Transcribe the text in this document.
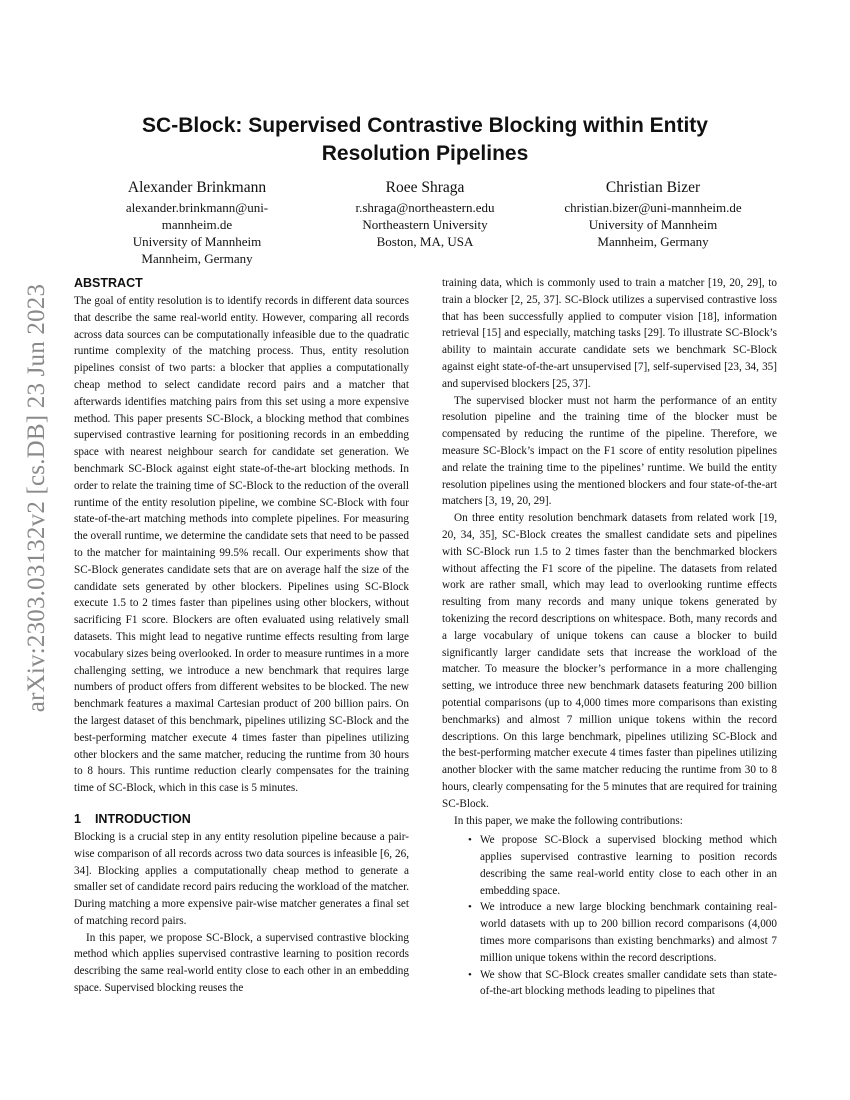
arXiv:2303.03132v2 [cs.DB] 23 Jun 2023
SC-Block: Supervised Contrastive Blocking within Entity Resolution Pipelines
Alexander Brinkmann
alexander.brinkmann@uni-mannheim.de
University of Mannheim
Mannheim, Germany
Roee Shraga
r.shraga@northeastern.edu
Northeastern University
Boston, MA, USA
Christian Bizer
christian.bizer@uni-mannheim.de
University of Mannheim
Mannheim, Germany
ABSTRACT

The goal of entity resolution is to identify records in different data sources that describe the same real-world entity. However, comparing all records across data sources can be computationally infeasible due to the quadratic runtime complexity of the matching process. Thus, entity resolution pipelines consist of two parts: a blocker that applies a computationally cheap method to select candidate record pairs and a matcher that afterwards identifies matching pairs from this set using a more expensive method. This paper presents SC-Block, a blocking method that combines supervised contrastive learning for positioning records in an embedding space with nearest neighbour search for candidate set generation. We benchmark SC-Block against eight state-of-the-art blocking methods. In order to relate the training time of SC-Block to the reduction of the overall runtime of the entity resolution pipeline, we combine SC-Block with four state-of-the-art matching methods into complete pipelines. For measuring the overall runtime, we determine the candidate sets that need to be passed to the matcher for maintaining 99.5% recall. Our experiments show that SC-Block generates candidate sets that are on average half the size of the candidate sets generated by other blockers. Pipelines using SC-Block execute 1.5 to 2 times faster than pipelines using other blockers, without sacrificing F1 score. Blockers are often evaluated using relatively small datasets. This might lead to negative runtime effects resulting from large vocabulary sizes being overlooked. In order to measure runtimes in a more challenging setting, we introduce a new benchmark that requires large numbers of product offers from different websites to be blocked. The new benchmark features a maximal Cartesian product of 200 billion pairs. On the largest dataset of this benchmark, pipelines utilizing SC-Block and the best-performing matcher execute 4 times faster than pipelines utilizing other blockers and the same matcher, reducing the runtime from 30 hours to 8 hours. This runtime reduction clearly compensates for the training time of SC-Block, which in this case is 5 minutes.

1 INTRODUCTION

Blocking is a crucial step in any entity resolution pipeline because a pair-wise comparison of all records across two data sources is infeasible [6, 26, 34]. Blocking applies a computationally cheap method to generate a smaller set of candidate record pairs reducing the workload of the matcher. During matching a more expensive pair-wise matcher generates a final set of matching record pairs.

In this paper, we propose SC-Block, a supervised contrastive blocking method which applies supervised contrastive learning to position records describing the same real-world entity close to each other in an embedding space. Supervised blocking reuses the

training data, which is commonly used to train a matcher [19, 20, 29], to train a blocker [2, 25, 37]. SC-Block utilizes a supervised contrastive loss that has been successfully applied to computer vision [18], information retrieval [15] and especially, matching tasks [29]. To illustrate SC-Block’s ability to maintain accurate candidate sets we benchmark SC-Block against eight state-of-the-art unsupervised [7], self-supervised [23, 34, 35] and supervised blockers [25, 37].

The supervised blocker must not harm the performance of an entity resolution pipeline and the training time of the blocker must be compensated by reducing the runtime of the pipeline. Therefore, we measure SC-Block’s impact on the F1 score of entity resolution pipelines and relate the training time to the pipelines’ runtime. We build the entity resolution pipelines using the mentioned blockers and four state-of-the-art matchers [3, 19, 20, 29].

On three entity resolution benchmark datasets from related work [19, 20, 34, 35], SC-Block creates the smallest candidate sets and pipelines with SC-Block run 1.5 to 2 times faster than the benchmarked blockers without affecting the F1 score of the pipeline. The datasets from related work are rather small, which may lead to overlooking runtime effects resulting from many records and many unique tokens generated by tokenizing the record descriptions on whitespace. Both, many records and a large vocabulary of unique tokens can cause a blocker to build significantly larger candidate sets that increase the workload of the matcher. To measure the blocker’s performance in a more challenging setting, we introduce three new benchmark datasets featuring 200 billion potential comparisons (up to 4,000 times more comparisons than existing benchmarks) and almost 7 million unique tokens within the record descriptions. On this large benchmark, pipelines utilizing SC-Block and the best-performing matcher execute 4 times faster than pipelines utilizing another blocker with the same matcher reducing the runtime from 30 to 8 hours, clearly compensating for the 5 minutes that are required for training SC-Block.

In this paper, we make the following contributions:

• We propose SC-Block a supervised blocking method which applies supervised contrastive learning to position records describing the same real-world entity close to each other in an embedding space.
• We introduce a new large blocking benchmark containing real-world datasets with up to 200 billion record comparisons (4,000 times more comparisons than existing benchmarks) and almost 7 million unique tokens within the record descriptions.
• We show that SC-Block creates smaller candidate sets than state-of-the-art blocking methods leading to pipelines that
